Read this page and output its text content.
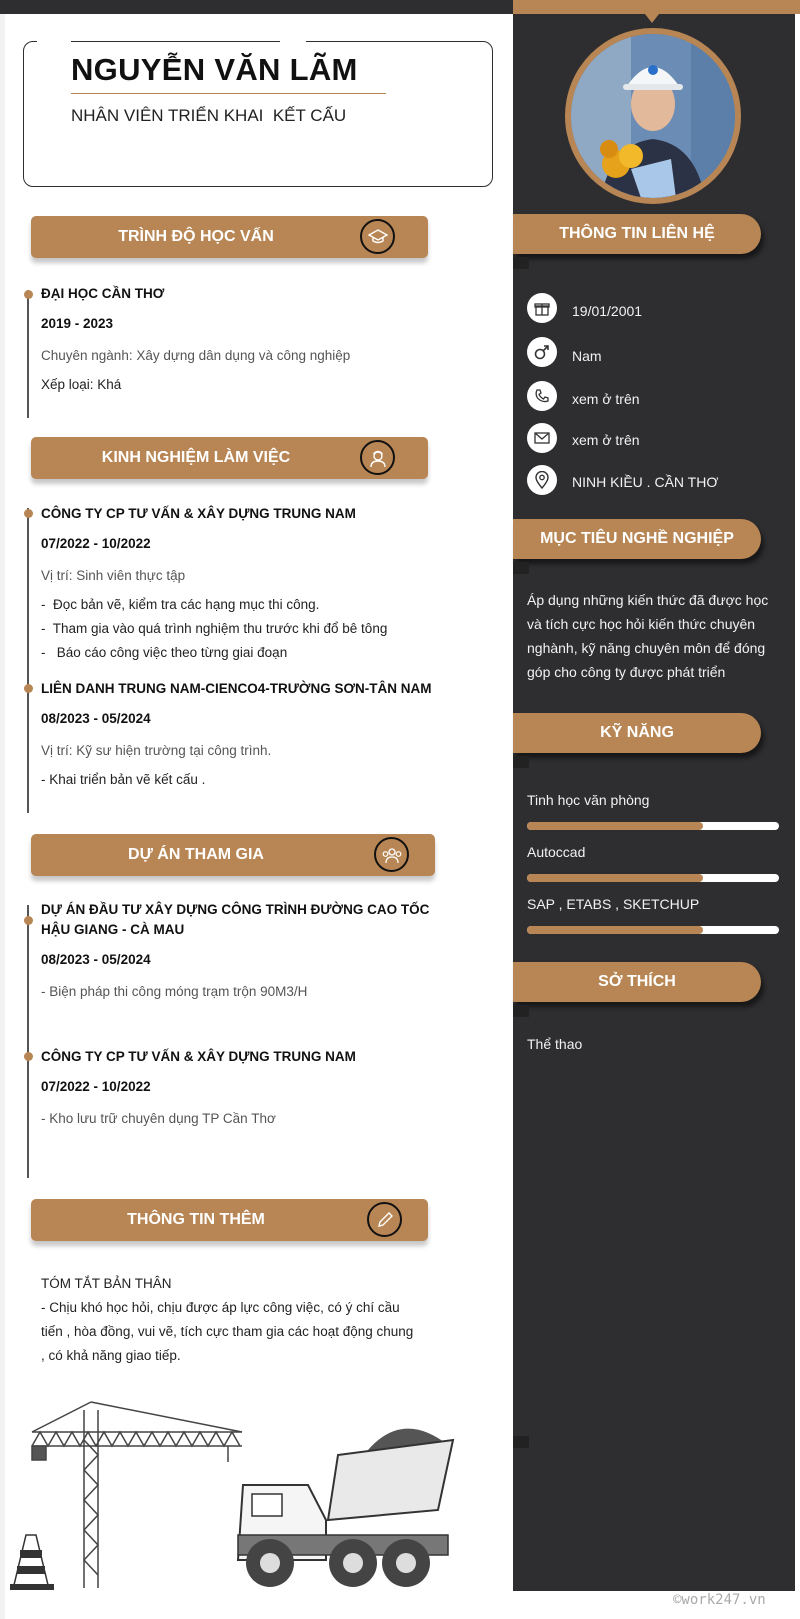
NGUYỄN VĂN LÃM
NHÂN VIÊN TRIỂN KHAI  KẾT CẤU
TRÌNH ĐỘ HỌC VẤN
ĐẠI HỌC CẦN THƠ
2019 - 2023
Chuyên ngành: Xây dựng dân dụng và công nghiệp
Xếp loại: Khá
KINH NGHIỆM LÀM VIỆC
CÔNG TY CP TƯ VẤN & XÂY DỰNG TRUNG NAM
07/2022 - 10/2022
Vị trí: Sinh viên thực tập
-  Đọc bản vẽ, kiểm tra các hạng mục thi công.
-  Tham gia vào quá trình nghiệm thu trước khi đổ bê tông
-   Báo cáo công việc theo từng giai đoạn
LIÊN DANH TRUNG NAM-CIENCO4-TRƯỜNG SƠN-TÂN NAM
08/2023 - 05/2024
Vị trí: Kỹ sư hiện trường tại công trình.
- Khai triển bản vẽ kết cấu .
DỰ ÁN THAM GIA
DỰ ÁN ĐẦU TƯ XÂY DỰNG CÔNG TRÌNH ĐƯỜNG CAO TỐC
HẬU GIANG - CÀ MAU
08/2023 - 05/2024
- Biện pháp thi công móng trạm trộn 90M3/H
CÔNG TY CP TƯ VẤN & XÂY DỰNG TRUNG NAM
07/2022 - 10/2022
- Kho lưu trữ chuyên dụng TP Cần Thơ
THÔNG TIN THÊM
TÓM TẮT BẢN THÂN
- Chịu khó học hỏi, chịu được áp lực công việc, có ý chí cầu
tiến , hòa đồng, vui vẽ, tích cực tham gia các hoạt động chung
, có khả năng giao tiếp.
THÔNG TIN LIÊN HỆ
19/01/2001
Nam
xem ở trên
xem ở trên
NINH KIỀU . CẦN THƠ
MỤC TIÊU NGHỀ NGHIỆP
Áp dụng những kiến thức đã được học
và tích cực học hỏi kiến thức chuyên
nghành, kỹ năng chuyên môn để đóng
góp cho công ty được phát triển
KỸ NĂNG
Tinh học văn phòng
Autoccad
SAP , ETABS , SKETCHUP
SỞ THÍCH
Thể thao
©work247.vn
